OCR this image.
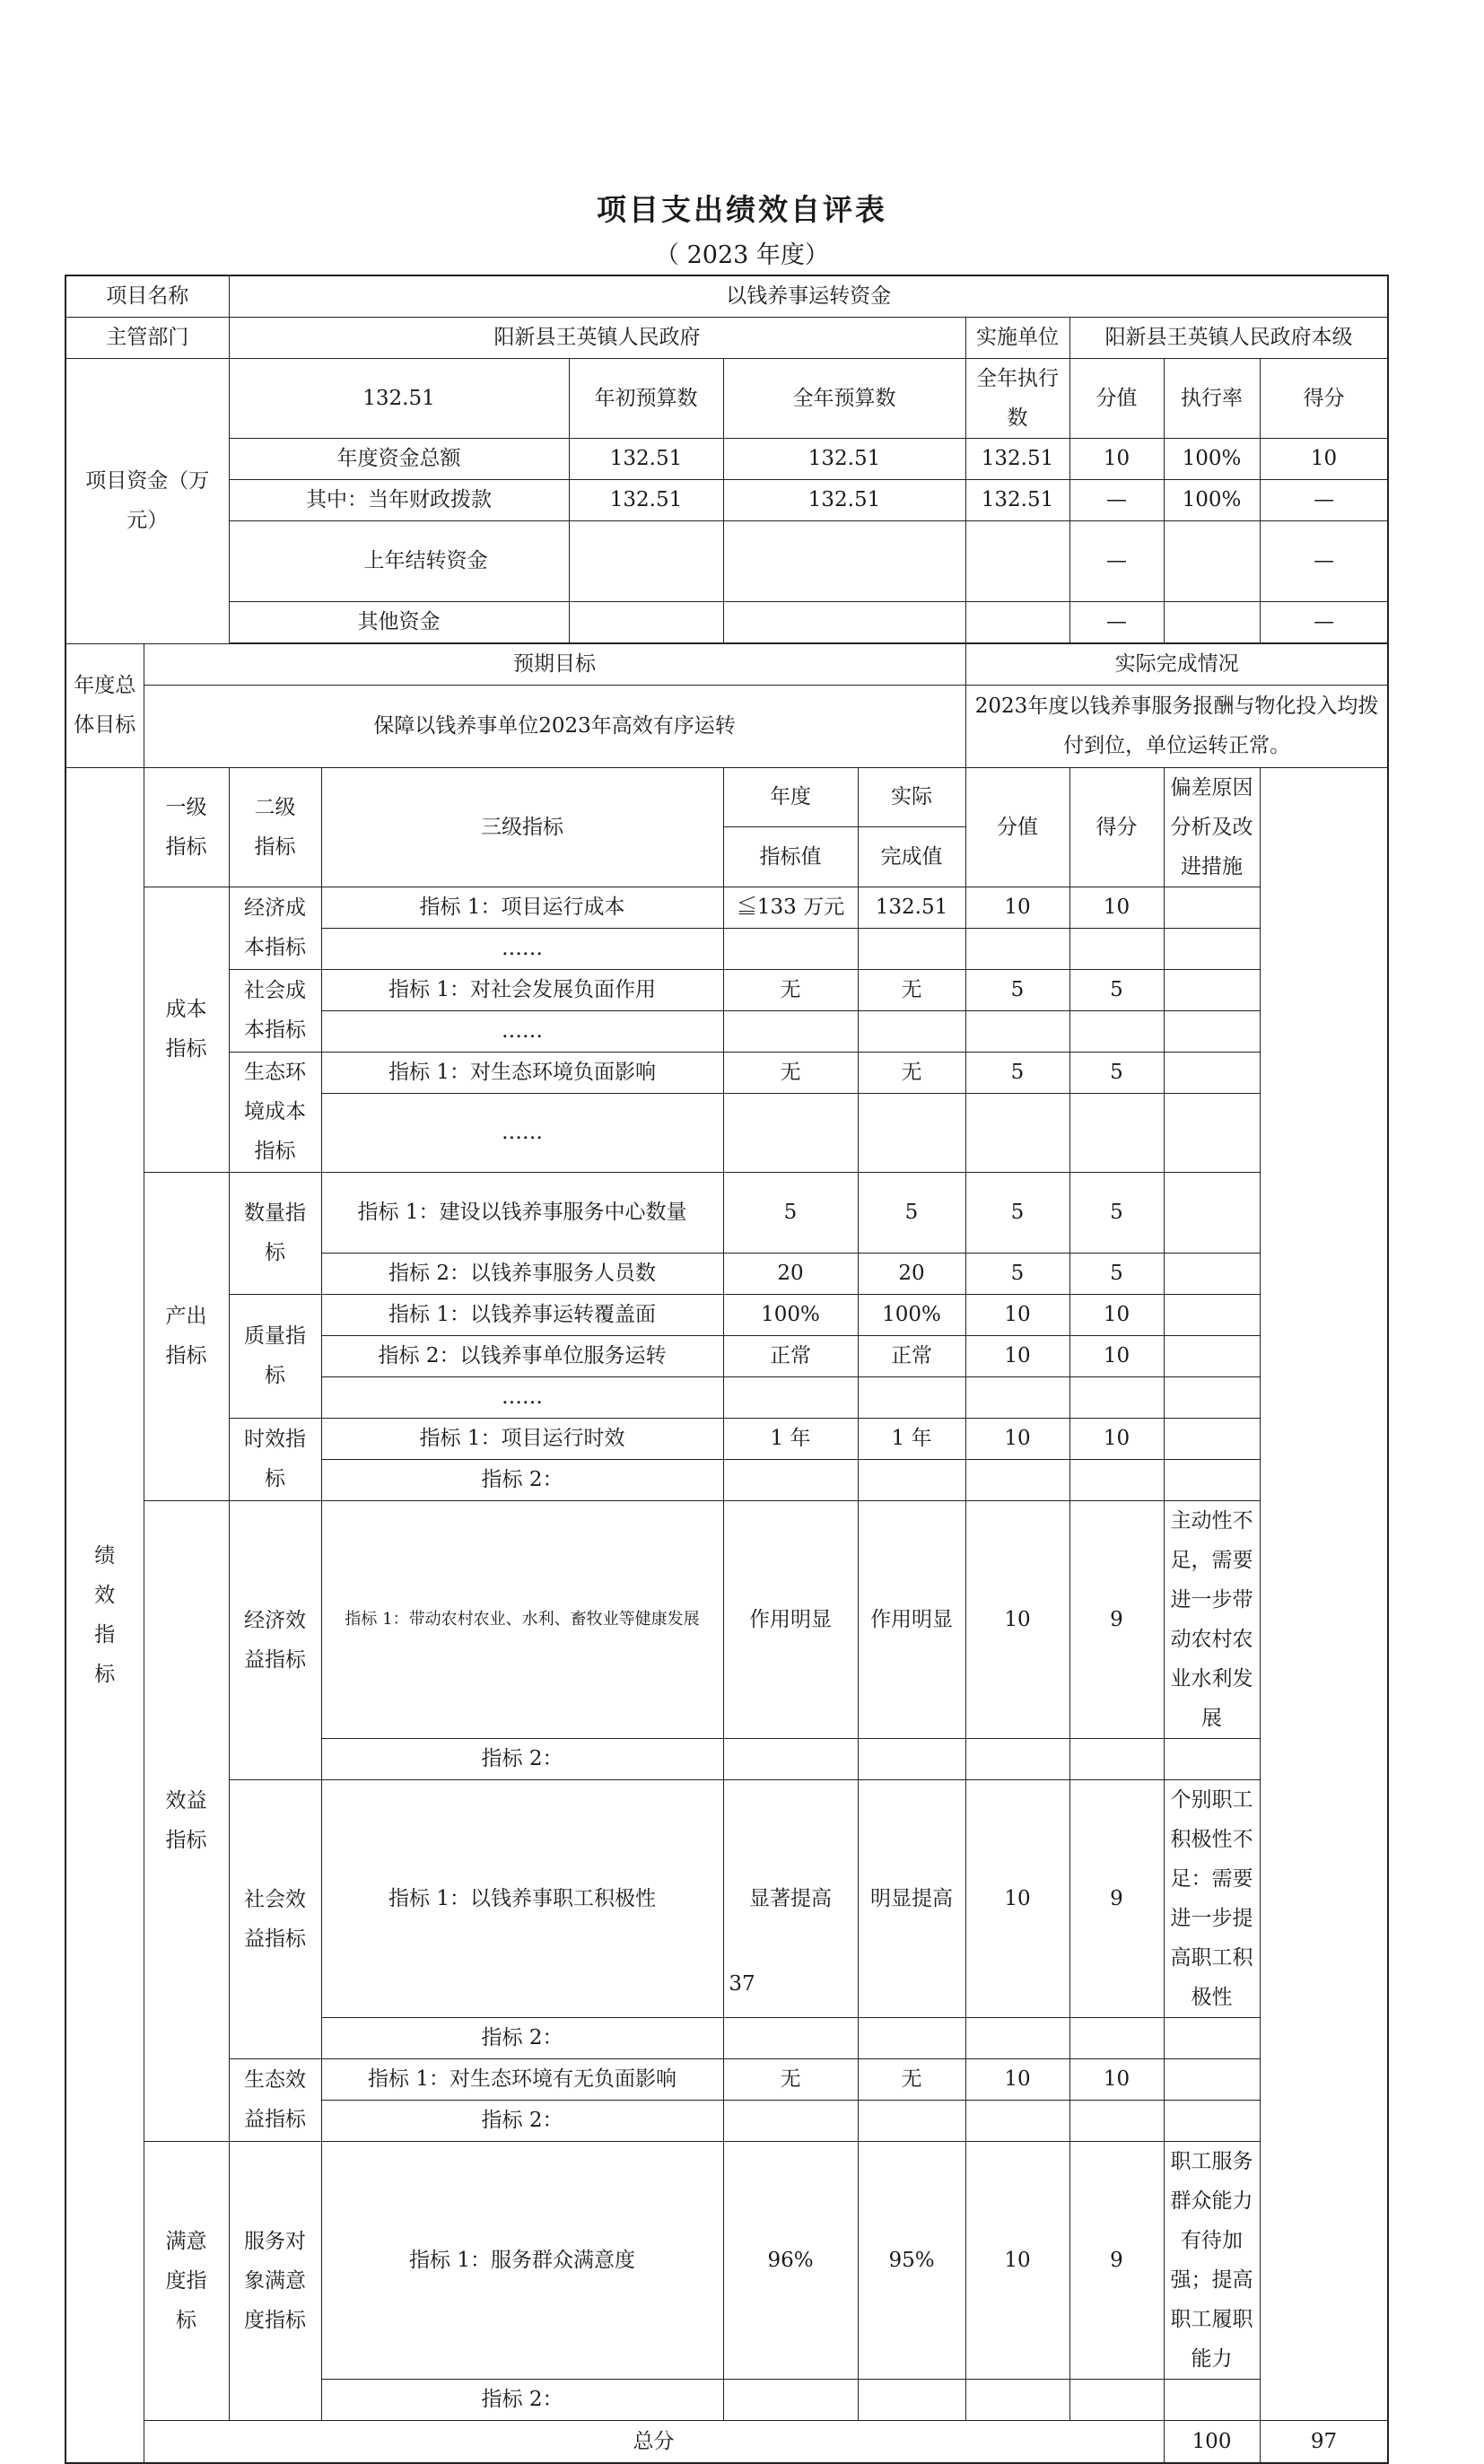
项目支出绩效自评表
（ 2023 年度）
项目名称		以钱养事运转资金									
主管部门		阳新县王英镇人民政府					实施单位	阳新县王英镇人民政府本级			
项目资金（万元）		132.51		年初预算数	全年预算数		全年执行数	分值	执行率	得分	
		年度资金总额		132.51	132.51		132.51	10	100%	10	
		其中：当年财政拨款		132.51	132.51		132.51	—	100%	—	
		上年结转资金						—		—	
		其他资金						—		—	

年度总体目标	预期目标						实际完成情况				
	保障以钱养事单位2023年高效有序运转						2023年度以钱养事服务报酬与物化投入均拨付到位，单位运转正常。				
绩效指标	一级指标	二级指标	三级指标		年度	实际	分值	得分	偏差原因分析及改进措施		
					指标值	完成值					
	成本指标	经济成本指标	指标 1：项目运行成本		≦133 万元	132.51	10	10			
			……								
		社会成本指标	指标 1：对社会发展负面作用		无	无	5	5			
			……								
		生态环境成本指标	指标 1：对生态环境负面影响		无	无	5	5			
			……								
	产出指标	数量指标	指标 1：建设以钱养事服务中心数量		5	5	5	5			
			指标 2：以钱养事服务人员数		20	20	5	5			
		质量指标	指标 1：以钱养事运转覆盖面		100%	100%	10	10			
			指标 2：以钱养事单位服务运转		正常	正常	10	10			
			……								
		时效指标	指标 1：项目运行时效		1 年	1 年	10	10			
			指标 2：								
	效益指标	经济效益指标	指标 1：带动农村农业、水利、畜牧业等健康发展		作用明显	作用明显	10	9	主动性不足，需要进一步带动农村农业水利发展		
			指标 2：								
		社会效益指标	指标 1：以钱养事职工积极性		显著提高	明显提高	10	9	个别职工积极性不足：需要进一步提高职工积极性		
			指标 2：								
		生态效益指标	指标 1：对生态环境有无负面影响		无	无	10	10			
			指标 2：								
	满意度指标	服务对象满意度指标	指标 1：服务群众满意度		96%	95%	10	9	职工服务群众能力有待加强；提高职工履职能力		
			指标 2：								
	总分								100	97	
37
